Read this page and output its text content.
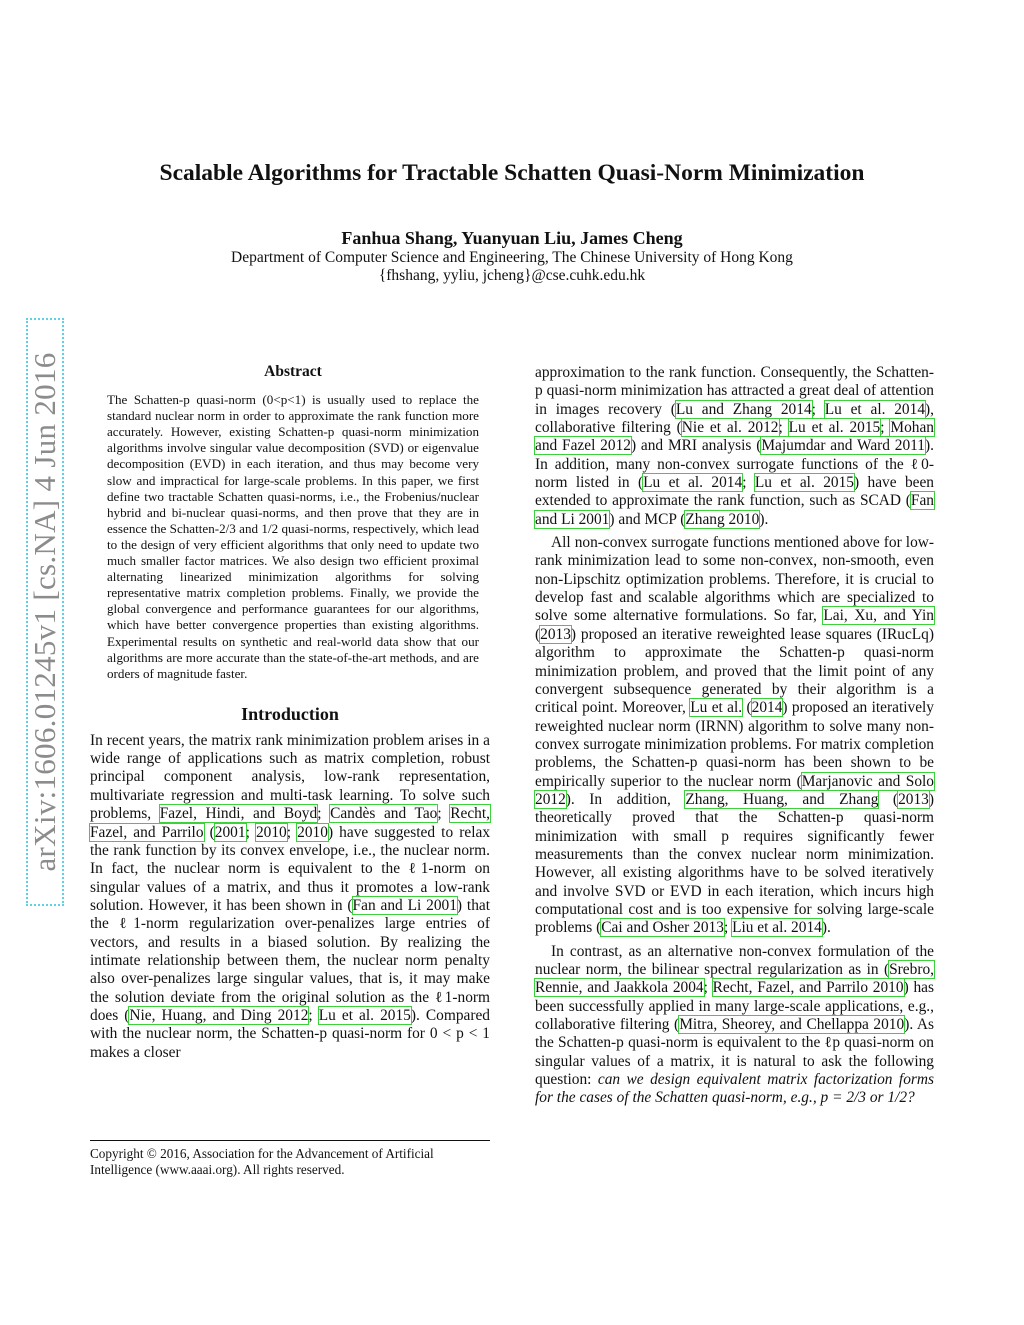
arXiv:1606.01245v1 [cs.NA] 4 Jun 2016
Scalable Algorithms for Tractable Schatten Quasi-Norm Minimization
Fanhua Shang, Yuanyuan Liu, James Cheng
Department of Computer Science and Engineering, The Chinese University of Hong Kong
{fhshang, yyliu, jcheng}@cse.cuhk.edu.hk
Abstract

The Schatten-p quasi-norm (0<p<1) is usually used to replace the standard nuclear norm in order to approximate the rank function more accurately. However, existing Schatten-p quasi-norm minimization algorithms involve singular value decomposition (SVD) or eigenvalue decomposition (EVD) in each iteration, and thus may become very slow and impractical for large-scale problems. In this paper, we first define two tractable Schatten quasi-norms, i.e., the Frobenius/nuclear hybrid and bi-nuclear quasi-norms, and then prove that they are in essence the Schatten-2/3 and 1/2 quasi-norms, respectively, which lead to the design of very efficient algorithms that only need to update two much smaller factor matrices. We also design two efficient proximal alternating linearized minimization algorithms for solving representative matrix completion problems. Finally, we provide the global convergence and performance guarantees for our algorithms, which have better convergence properties than existing algorithms. Experimental results on synthetic and real-world data show that our algorithms are more accurate than the state-of-the-art methods, and are orders of magnitude faster.

Introduction

In recent years, the matrix rank minimization problem arises in a wide range of applications such as matrix completion, robust principal component analysis, low-rank representation, multivariate regression and multi-task learning. To solve such problems, Fazel, Hindi, and Boyd; Candès and Tao; Recht, Fazel, and Parrilo (2001; 2010; 2010) have suggested to relax the rank function by its convex envelope, i.e., the nuclear norm. In fact, the nuclear norm is equivalent to the ℓ1-norm on singular values of a matrix, and thus it promotes a low-rank solution. However, it has been shown in (Fan and Li 2001) that the ℓ1-norm regularization over-penalizes large entries of vectors, and results in a biased solution. By realizing the intimate relationship between them, the nuclear norm penalty also over-penalizes large singular values, that is, it may make the solution deviate from the original solution as the ℓ1-norm does (Nie, Huang, and Ding 2012; Lu et al. 2015). Compared with the nuclear norm, the Schatten-p quasi-norm for 0 < p < 1 makes a closer

Copyright © 2016, Association for the Advancement of Artificial Intelligence (www.aaai.org). All rights reserved.

approximation to the rank function. Consequently, the Schatten-p quasi-norm minimization has attracted a great deal of attention in images recovery (Lu and Zhang 2014; Lu et al. 2014), collaborative filtering (Nie et al. 2012; Lu et al. 2015; Mohan and Fazel 2012) and MRI analysis (Majumdar and Ward 2011). In addition, many non-convex surrogate functions of the ℓ0-norm listed in (Lu et al. 2014; Lu et al. 2015) have been extended to approximate the rank function, such as SCAD (Fan and Li 2001) and MCP (Zhang 2010).

All non-convex surrogate functions mentioned above for low-rank minimization lead to some non-convex, non-smooth, even non-Lipschitz optimization problems. Therefore, it is crucial to develop fast and scalable algorithms which are specialized to solve some alternative formulations. So far, Lai, Xu, and Yin (2013) proposed an iterative reweighted lease squares (IRucLq) algorithm to approximate the Schatten-p quasi-norm minimization problem, and proved that the limit point of any convergent subsequence generated by their algorithm is a critical point. Moreover, Lu et al. (2014) proposed an iteratively reweighted nuclear norm (IRNN) algorithm to solve many non-convex surrogate minimization problems. For matrix completion problems, the Schatten-p quasi-norm has been shown to be empirically superior to the nuclear norm (Marjanovic and Solo 2012). In addition, Zhang, Huang, and Zhang (2013) theoretically proved that the Schatten-p quasi-norm minimization with small p requires significantly fewer measurements than the convex nuclear norm minimization. However, all existing algorithms have to be solved iteratively and involve SVD or EVD in each iteration, which incurs high computational cost and is too expensive for solving large-scale problems (Cai and Osher 2013; Liu et al. 2014).

In contrast, as an alternative non-convex formulation of the nuclear norm, the bilinear spectral regularization as in (Srebro, Rennie, and Jaakkola 2004; Recht, Fazel, and Parrilo 2010) has been successfully applied in many large-scale applications, e.g., collaborative filtering (Mitra, Sheorey, and Chellappa 2010). As the Schatten-p quasi-norm is equivalent to the ℓp quasi-norm on singular values of a matrix, it is natural to ask the following question: can we design equivalent matrix factorization forms for the cases of the Schatten quasi-norm, e.g., p = 2/3 or 1/2?
